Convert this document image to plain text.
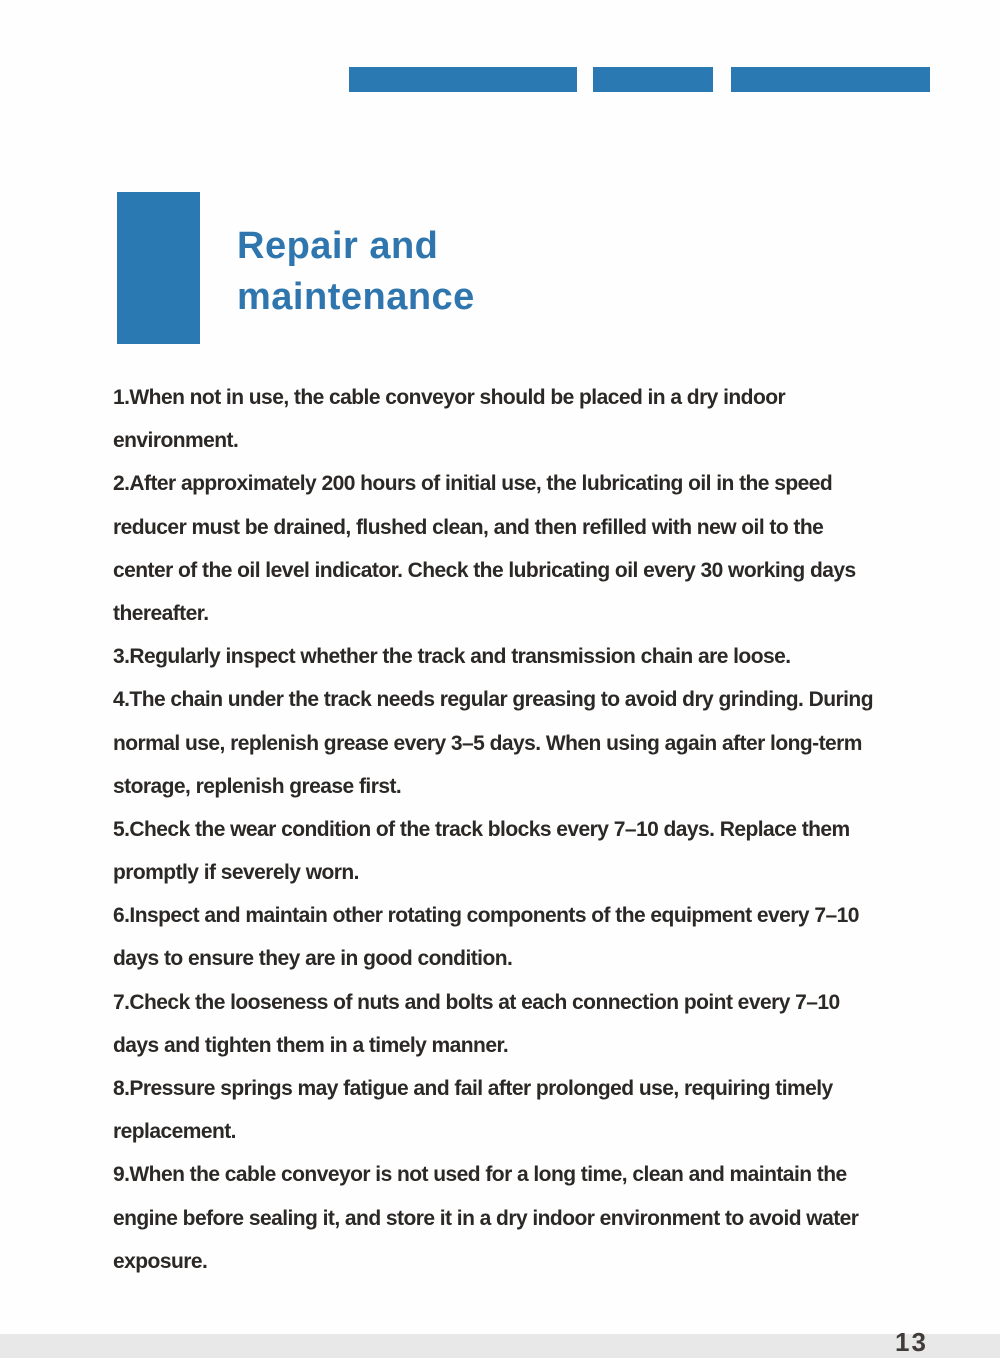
Repair and
maintenance
1.When not in use, the cable conveyor should be placed in a dry indoor
environment.
2.After approximately 200 hours of initial use, the lubricating oil in the speed
reducer must be drained, flushed clean, and then refilled with new oil to the
center of the oil level indicator. Check the lubricating oil every 30 working days
thereafter.
3.Regularly inspect whether the track and transmission chain are loose.
4.The chain under the track needs regular greasing to avoid dry grinding. During
normal use, replenish grease every 3–5 days. When using again after long-term
storage, replenish grease first.
5.Check the wear condition of the track blocks every 7–10 days. Replace them
promptly if severely worn.
6.Inspect and maintain other rotating components of the equipment every 7–10
days to ensure they are in good condition.
7.Check the looseness of nuts and bolts at each connection point every 7–10
days and tighten them in a timely manner.
8.Pressure springs may fatigue and fail after prolonged use, requiring timely
replacement.
9.When the cable conveyor is not used for a long time, clean and maintain the
engine before sealing it, and store it in a dry indoor environment to avoid water
exposure.
13
